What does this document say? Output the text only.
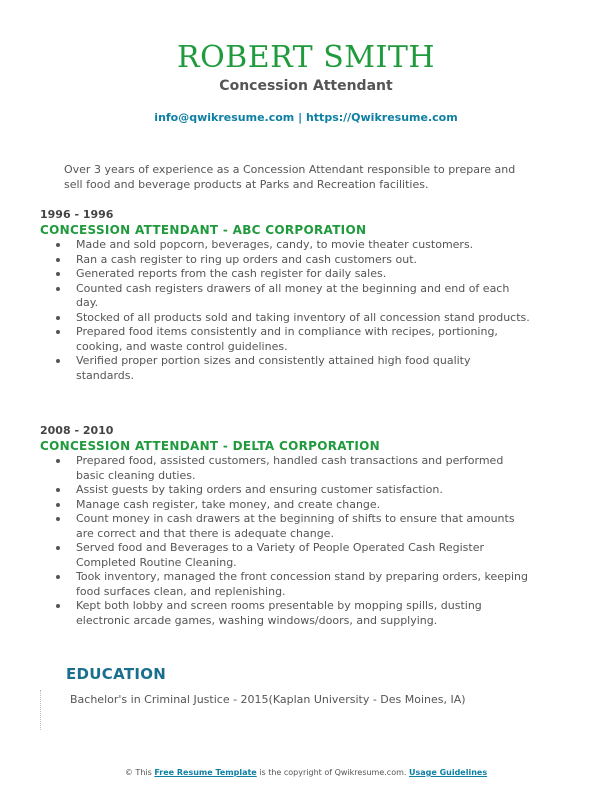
ROBERT SMITH
Concession Attendant
info@qwikresume.com | https://Qwikresume.com
Over 3 years of experience as a Concession Attendant responsible to prepare and sell food and beverage products at Parks and Recreation facilities.
1996 - 1996
CONCESSION ATTENDANT - ABC CORPORATION
Made and sold popcorn, beverages, candy, to movie theater customers.
Ran a cash register to ring up orders and cash customers out.
Generated reports from the cash register for daily sales.
Counted cash registers drawers of all money at the beginning and end of each day.
Stocked of all products sold and taking inventory of all concession stand products.
Prepared food items consistently and in compliance with recipes, portioning, cooking, and waste control guidelines.
Verified proper portion sizes and consistently attained high food quality standards.
2008 - 2010
CONCESSION ATTENDANT - DELTA CORPORATION
Prepared food, assisted customers, handled cash transactions and performed basic cleaning duties.
Assist guests by taking orders and ensuring customer satisfaction.
Manage cash register, take money, and create change.
Count money in cash drawers at the beginning of shifts to ensure that amounts are correct and that there is adequate change.
Served food and Beverages to a Variety of People Operated Cash Register Completed Routine Cleaning.
Took inventory, managed the front concession stand by preparing orders, keeping food surfaces clean, and replenishing.
Kept both lobby and screen rooms presentable by mopping spills, dusting electronic arcade games, washing windows/doors, and supplying.
EDUCATION
Bachelor's in Criminal Justice - 2015(Kaplan University - Des Moines, IA)
© This Free Resume Template is the copyright of Qwikresume.com. Usage Guidelines
